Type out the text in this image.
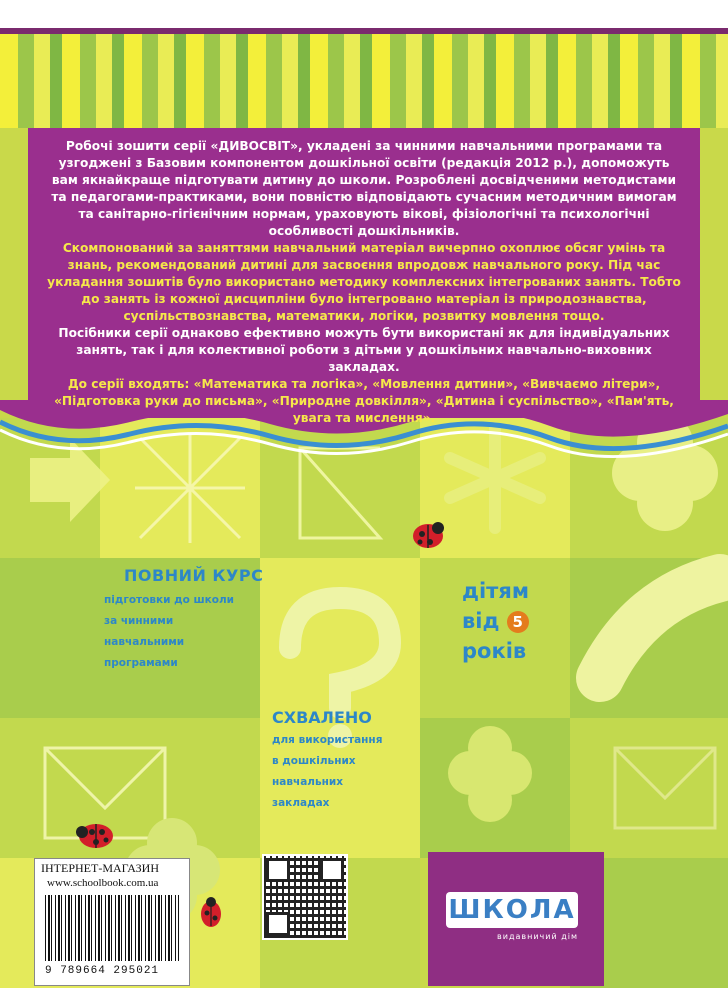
Робочі зошити серії «ДИВОСВІТ», укладені за чинними навчальними програмами та узгоджені з Базовим компонентом дошкільної освіти (редакція 2012 р.), допоможуть вам якнайкраще підготувати дитину до школи. Розроблені досвідченими методистами та педагогами-практиками, вони повністю відповідають сучасним методичним вимогам та санітарно-гігієнічним нормам, ураховують вікові, фізіологічні та психологічні особливості дошкільників.

Скомпонований за заняттями навчальний матеріал вичерпно охоплює обсяг умінь та знань, рекомендований дитині для засвоєння впродовж навчального року. Під час укладання зошитів було використано методику комплексних інтегрованих занять. Тобто до занять із кожної дисципліни було інтегровано матеріал із природознавства, суспільствознавства, математики, логіки, розвитку мовлення тощо.

Посібники серії однаково ефективно можуть бути використані як для індивідуальних занять, так і для колективної роботи з дітьми у дошкільних навчально-виховних закладах.

До серії входять: «Математика та логіка», «Мовлення дитини», «Вивчаємо літери», «Підготовка руки до письма», «Природне довкілля», «Дитина і суспільство», «Пам'ять, увага та мислення».

ПОВНИЙ КУРС
підготовки до школи
за чинними
навчальними
програмами
дітям
від 5
років
СХВАЛЕНО
для використання
в дошкільних
навчальних
закладах
ІНТЕРНЕТ-МАГАЗИН
www.schoolbook.com.ua
9 789664 295021
ШКОЛА
видавничий дім
